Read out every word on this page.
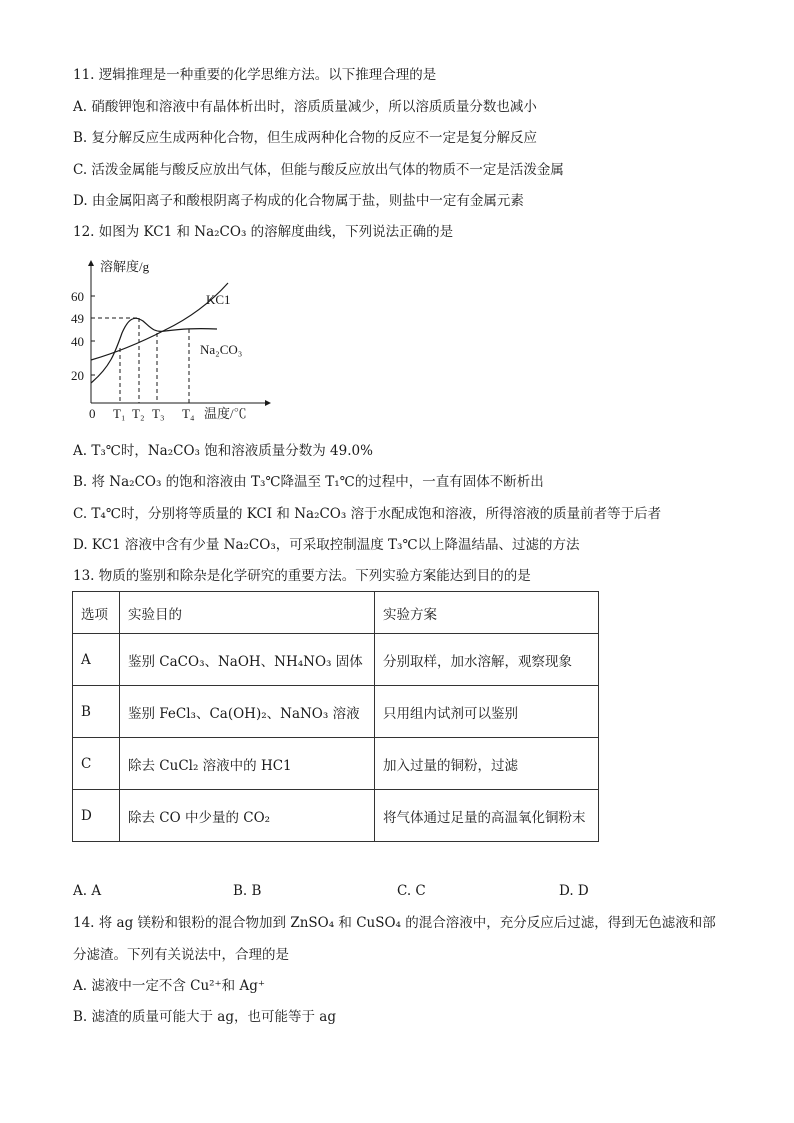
11. 逻辑推理是一种重要的化学思维方法。以下推理合理的是
A. 硝酸钾饱和溶液中有晶体析出时，溶质质量减少，所以溶质质量分数也减小
B. 复分解反应生成两种化合物，但生成两种化合物的反应不一定是复分解反应
C. 活泼金属能与酸反应放出气体，但能与酸反应放出气体的物质不一定是活泼金属
D. 由金属阳离子和酸根阴离子构成的化合物属于盐，则盐中一定有金属元素
12. 如图为 KC1 和 Na₂CO₃ 的溶解度曲线，下列说法正确的是
溶解度/g
温度/℃
60
49
40
20
0 T₁ T₂ T₃ T₄
KC1
Na₂CO₃
A. T₃℃时，Na₂CO₃ 饱和溶液质量分数为 49.0%
B. 将 Na₂CO₃ 的饱和溶液由 T₃℃降温至 T₁℃的过程中，一直有固体不断析出
C. T₄℃时，分别将等质量的 KCI 和 Na₂CO₃ 溶于水配成饱和溶液，所得溶液的质量前者等于后者
D. KC1 溶液中含有少量 Na₂CO₃，可采取控制温度 T₃℃以上降温结晶、过滤的方法
13. 物质的鉴别和除杂是化学研究的重要方法。下列实验方案能达到目的的是
选项	实验目的	实验方案
A	鉴别 CaCO₃、NaOH、NH₄NO₃ 固体	分别取样，加水溶解，观察现象
B	鉴别 FeCl₃、Ca(OH)₂、NaNO₃ 溶液	只用组内试剂可以鉴别
C	除去 CuCl₂ 溶液中的 HC1	加入过量的铜粉，过滤
D	除去 CO 中少量的 CO₂	将气体通过足量的高温氧化铜粉末
A. A	B. B	C. C	D. D
14. 将 ag 镁粉和银粉的混合物加到 ZnSO₄ 和 CuSO₄ 的混合溶液中，充分反应后过滤，得到无色滤液和部
分滤渣。下列有关说法中，合理的是
A. 滤液中一定不含 Cu²⁺和 Ag⁺
B. 滤渣的质量可能大于 ag，也可能等于 ag
